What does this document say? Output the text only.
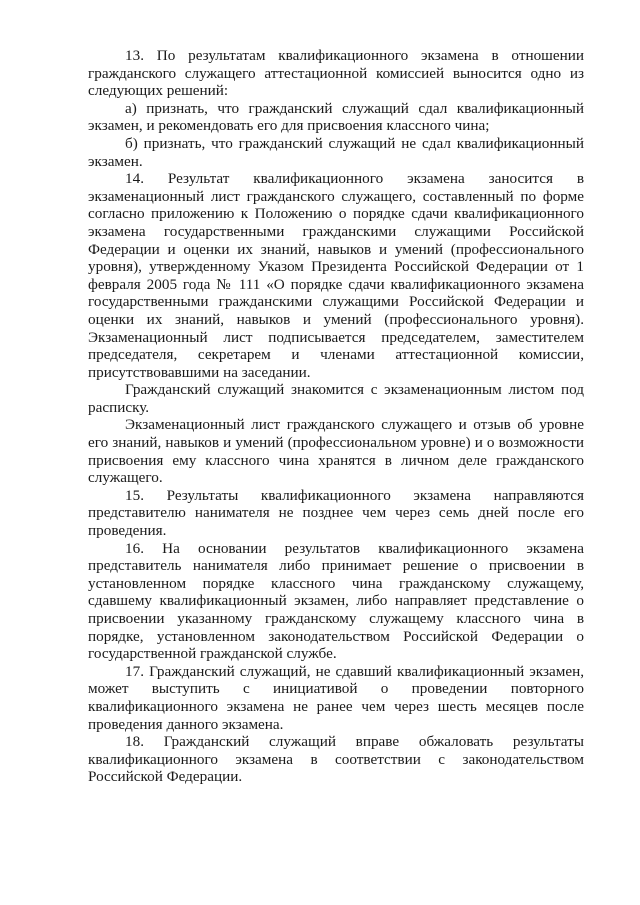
13. По результатам квалификационного экзамена в отношении гражданского служащего аттестационной комиссией выносится одно из следующих решений:

а) признать, что гражданский служащий сдал квалификационный экзамен, и рекомендовать его для присвоения классного чина;

б) признать, что гражданский служащий не сдал квалификационный экзамен.

14. Результат квалификационного экзамена заносится в экзаменационный лист гражданского служащего, составленный по форме согласно приложению к Положению о порядке сдачи квалификационного экзамена государственными гражданскими служащими Российской Федерации и оценки их знаний, навыков и умений (профессионального уровня), утвержденному Указом Президента Российской Федерации от 1 февраля 2005 года № 111 «О порядке сдачи квалификационного экзамена государственными гражданскими служащими Российской Федерации и оценки их знаний, навыков и умений (профессионального уровня). Экзаменационный лист подписывается председателем, заместителем председателя, секретарем и членами аттестационной комиссии, присутствовавшими на заседании.

Гражданский служащий знакомится с экзаменационным листом под расписку.

Экзаменационный лист гражданского служащего и отзыв об уровне его знаний, навыков и умений (профессиональном уровне) и о возможности присвоения ему классного чина хранятся в личном деле гражданского служащего.

15. Результаты квалификационного экзамена направляются представителю нанимателя не позднее чем через семь дней после его проведения.

16. На основании результатов квалификационного экзамена представитель нанимателя либо принимает решение о присвоении в установленном порядке классного чина гражданскому служащему, сдавшему квалификационный экзамен, либо направляет представление о присвоении указанному гражданскому служащему классного чина в порядке, установленном законодательством Российской Федерации о государственной гражданской службе.

17. Гражданский служащий, не сдавший квалификационный экзамен, может выступить с инициативой о проведении повторного квалификационного экзамена не ранее чем через шесть месяцев после проведения данного экзамена.

18. Гражданский служащий вправе обжаловать результаты квалификационного экзамена в соответствии с законодательством Российской Федерации.
